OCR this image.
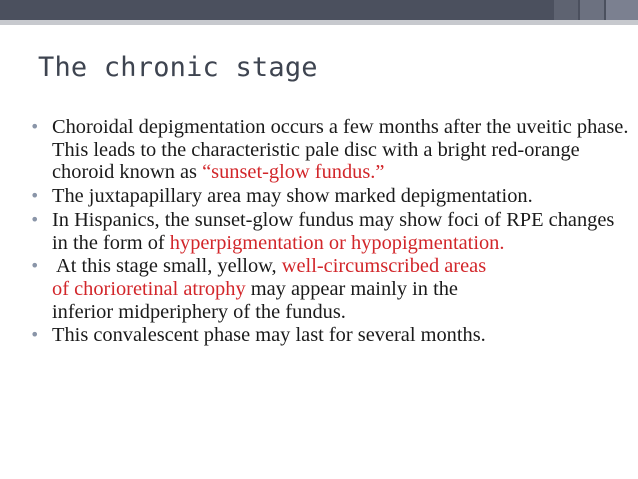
The chronic stage
• Choroidal depigmentation occurs a few months after the uveitic phase. This leads to the characteristic pale disc with a bright red-orange choroid known as “sunset-glow fundus.”
• The juxtapapillary area may show marked depigmentation.
• In Hispanics, the sunset-glow fundus may show foci of RPE changes in the form of hyperpigmentation or hypopigmentation.
• At this stage small, yellow, well-circumscribed areas
of chorioretinal atrophy may appear mainly in the
inferior midperiphery of the fundus.
• This convalescent phase may last for several months.
